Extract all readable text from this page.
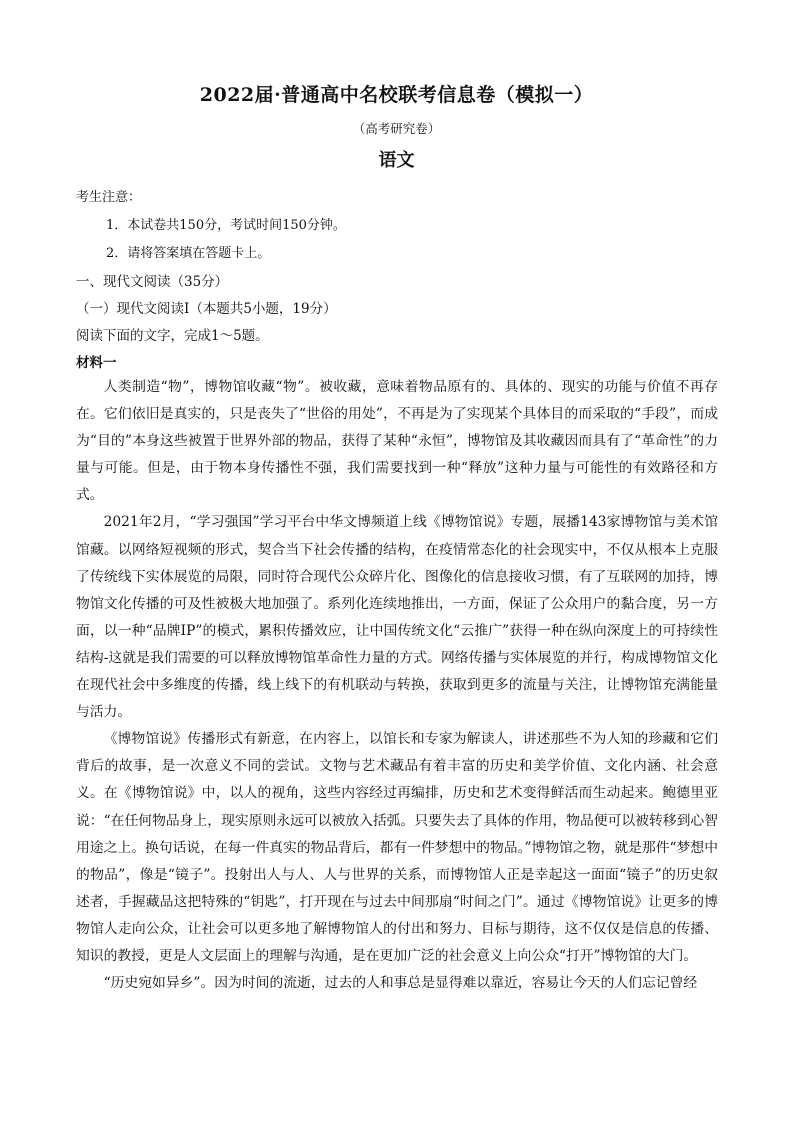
2022届·普通高中名校联考信息卷（模拟一）
（高考研究卷）
语文
考生注意：
1．本试卷共150分，考试时间150分钟。
2．请将答案填在答题卡上。
一、现代文阅读（35分）
（一）现代文阅读Ⅰ（本题共5小题，19分）
阅读下面的文字，完成1～5题。
材料一

人类制造“物”，博物馆收藏“物”。被收藏，意味着物品原有的、具体的、现实的功能与价值不再存在。它们依旧是真实的，只是丧失了“世俗的用处”，不再是为了实现某个具体目的而采取的“手段”，而成为“目的”本身这些被置于世界外部的物品，获得了某种“永恒”，博物馆及其收藏因而具有了“革命性”的力量与可能。但是，由于物本身传播性不强，我们需要找到一种“释放”这种力量与可能性的有效路径和方式。

2021年2月，“学习强国”学习平台中华文博频道上线《博物馆说》专题，展播143家博物馆与美术馆馆藏。以网络短视频的形式，契合当下社会传播的结构，在疫情常态化的社会现实中，不仅从根本上克服了传统线下实体展览的局限，同时符合现代公众碎片化、图像化的信息接收习惯，有了互联网的加持，博物馆文化传播的可及性被极大地加强了。系列化连续地推出，一方面，保证了公众用户的黏合度，另一方面，以一种“品牌IP”的模式，累积传播效应，让中国传统文化“云推广”获得一种在纵向深度上的可持续性结构-这就是我们需要的可以释放博物馆革命性力量的方式。网络传播与实体展览的并行，构成博物馆文化在现代社会中多维度的传播，线上线下的有机联动与转换，获取到更多的流量与关注，让博物馆充满能量与活力。

《博物馆说》传播形式有新意，在内容上，以馆长和专家为解读人，讲述那些不为人知的珍藏和它们背后的故事，是一次意义不同的尝试。文物与艺术藏品有着丰富的历史和美学价值、文化内涵、社会意义。在《博物馆说》中，以人的视角，这些内容经过再编排，历史和艺术变得鲜活而生动起来。鲍德里亚说：“在任何物品身上，现实原则永远可以被放入括弧。只要失去了具体的作用，物品便可以被转移到心智用途之上。换句话说，在每一件真实的物品背后，都有一件梦想中的物品。”博物馆之物，就是那件“梦想中的物品”，像是“镜子”。投射出人与人、人与世界的关系，而博物馆人正是幸起这一面面“镜子”的历史叙述者，手握藏品这把特殊的“钥匙”，打开现在与过去中间那扇“时间之门”。通过《博物馆说》让更多的博物馆人走向公众，让社会可以更多地了解博物馆人的付出和努力、目标与期待，这不仅仅是信息的传播、知识的教授，更是人文层面上的理解与沟通，是在更加广泛的社会意义上向公众“打开”博物馆的大门。

“历史宛如异乡”。因为时间的流逝，过去的人和事总是显得难以靠近，容易让今天的人们忘记曾经
